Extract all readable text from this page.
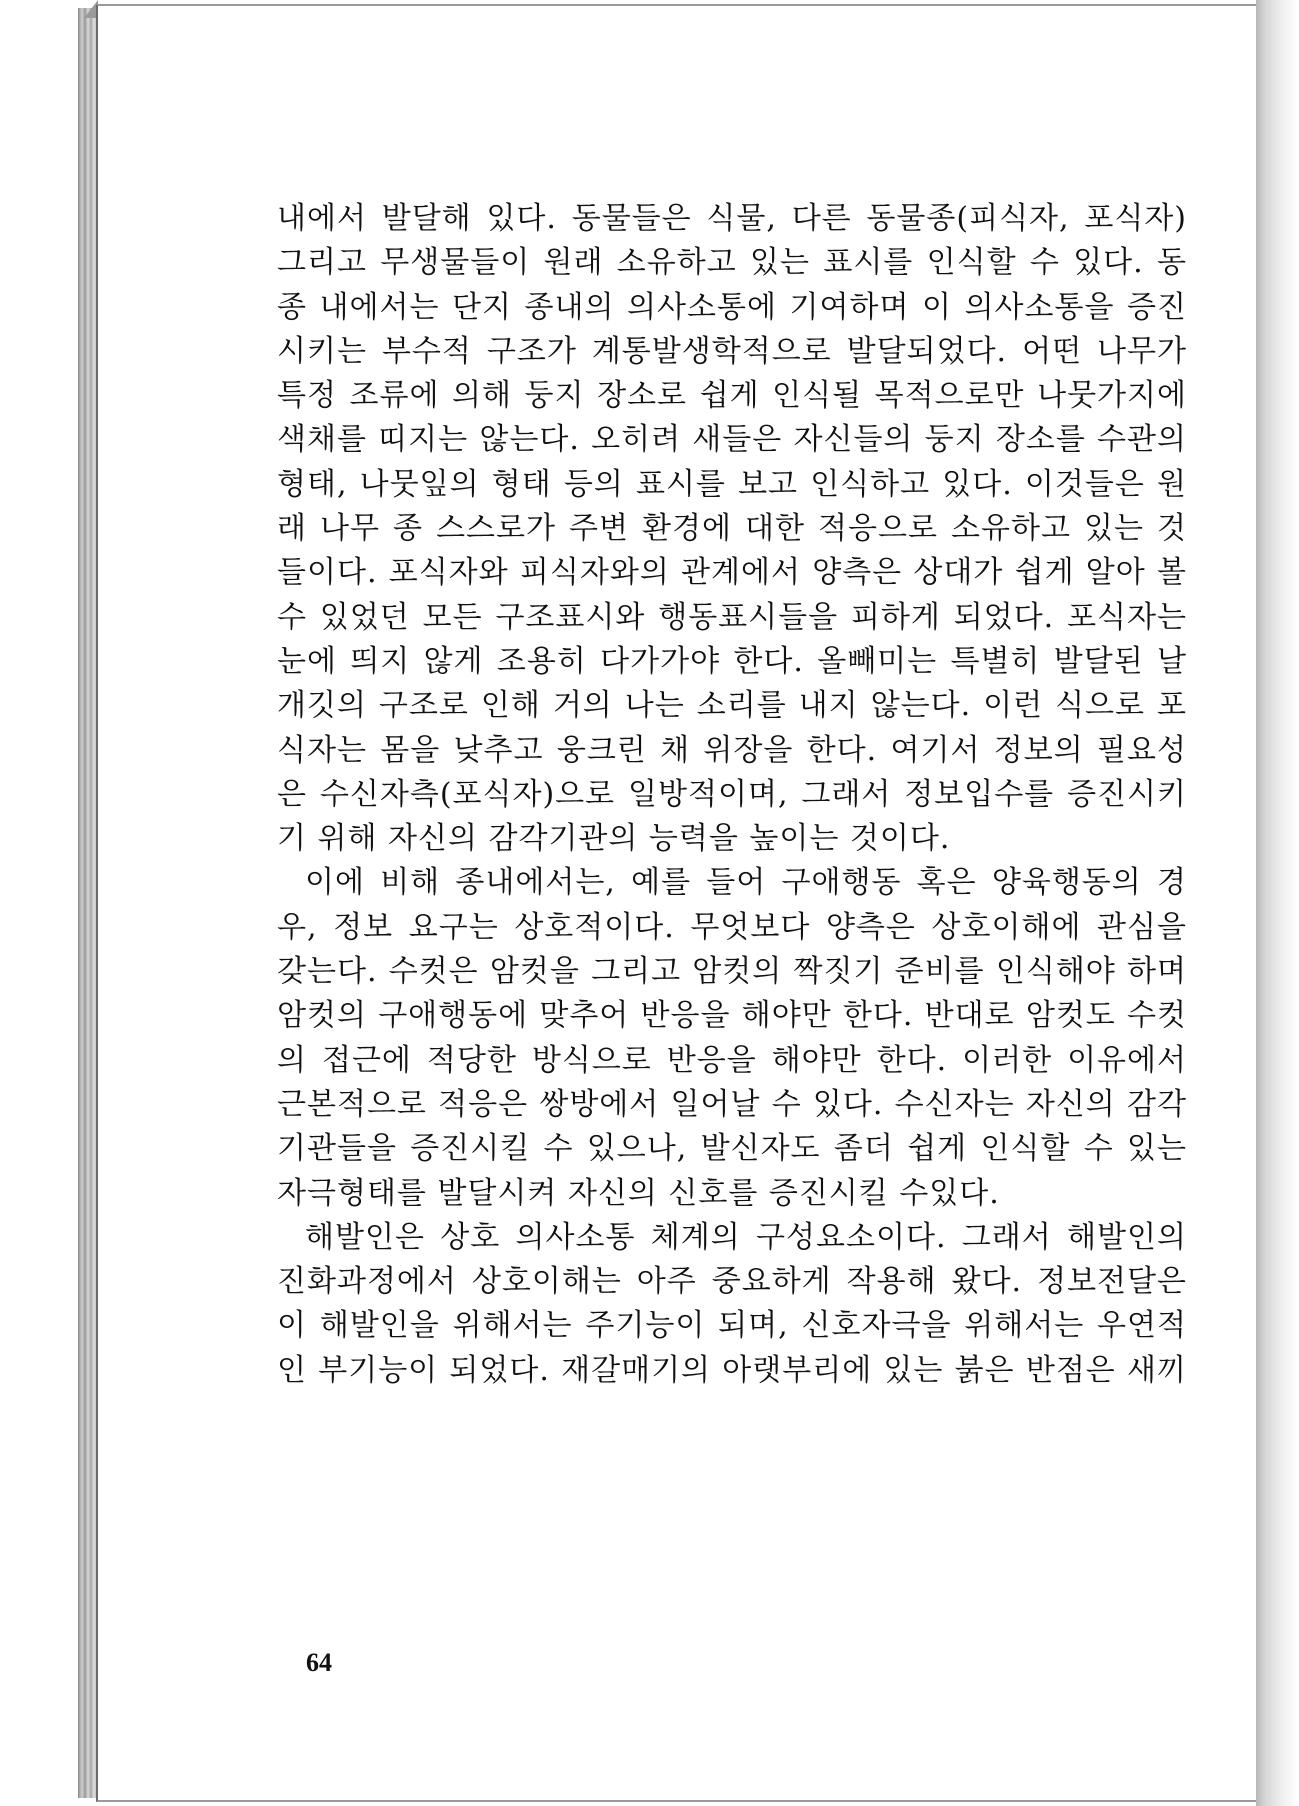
내에서 발달해 있다. 동물들은 식물, 다른 동물종(피식자, 포식자)
그리고 무생물들이 원래 소유하고 있는 표시를 인식할 수 있다. 동
종 내에서는 단지 종내의 의사소통에 기여하며 이 의사소통을 증진
시키는 부수적 구조가 계통발생학적으로 발달되었다. 어떤 나무가
특정 조류에 의해 둥지 장소로 쉽게 인식될 목적으로만 나뭇가지에
색채를 띠지는 않는다. 오히려 새들은 자신들의 둥지 장소를 수관의
형태, 나뭇잎의 형태 등의 표시를 보고 인식하고 있다. 이것들은 원
래 나무 종 스스로가 주변 환경에 대한 적응으로 소유하고 있는 것
들이다. 포식자와 피식자와의 관계에서 양측은 상대가 쉽게 알아 볼
수 있었던 모든 구조표시와 행동표시들을 피하게 되었다. 포식자는
눈에 띄지 않게 조용히 다가가야 한다. 올빼미는 특별히 발달된 날
개깃의 구조로 인해 거의 나는 소리를 내지 않는다. 이런 식으로 포
식자는 몸을 낮추고 웅크린 채 위장을 한다. 여기서 정보의 필요성
은 수신자측(포식자)으로 일방적이며, 그래서 정보입수를 증진시키
기 위해 자신의 감각기관의 능력을 높이는 것이다.
이에 비해 종내에서는, 예를 들어 구애행동 혹은 양육행동의 경
우, 정보 요구는 상호적이다. 무엇보다 양측은 상호이해에 관심을
갖는다. 수컷은 암컷을 그리고 암컷의 짝짓기 준비를 인식해야 하며
암컷의 구애행동에 맞추어 반응을 해야만 한다. 반대로 암컷도 수컷
의 접근에 적당한 방식으로 반응을 해야만 한다. 이러한 이유에서
근본적으로 적응은 쌍방에서 일어날 수 있다. 수신자는 자신의 감각
기관들을 증진시킬 수 있으나, 발신자도 좀더 쉽게 인식할 수 있는
자극형태를 발달시켜 자신의 신호를 증진시킬 수있다.
해발인은 상호 의사소통 체계의 구성요소이다. 그래서 해발인의
진화과정에서 상호이해는 아주 중요하게 작용해 왔다. 정보전달은
이 해발인을 위해서는 주기능이 되며, 신호자극을 위해서는 우연적
인 부기능이 되었다. 재갈매기의 아랫부리에 있는 붉은 반점은 새끼
64
